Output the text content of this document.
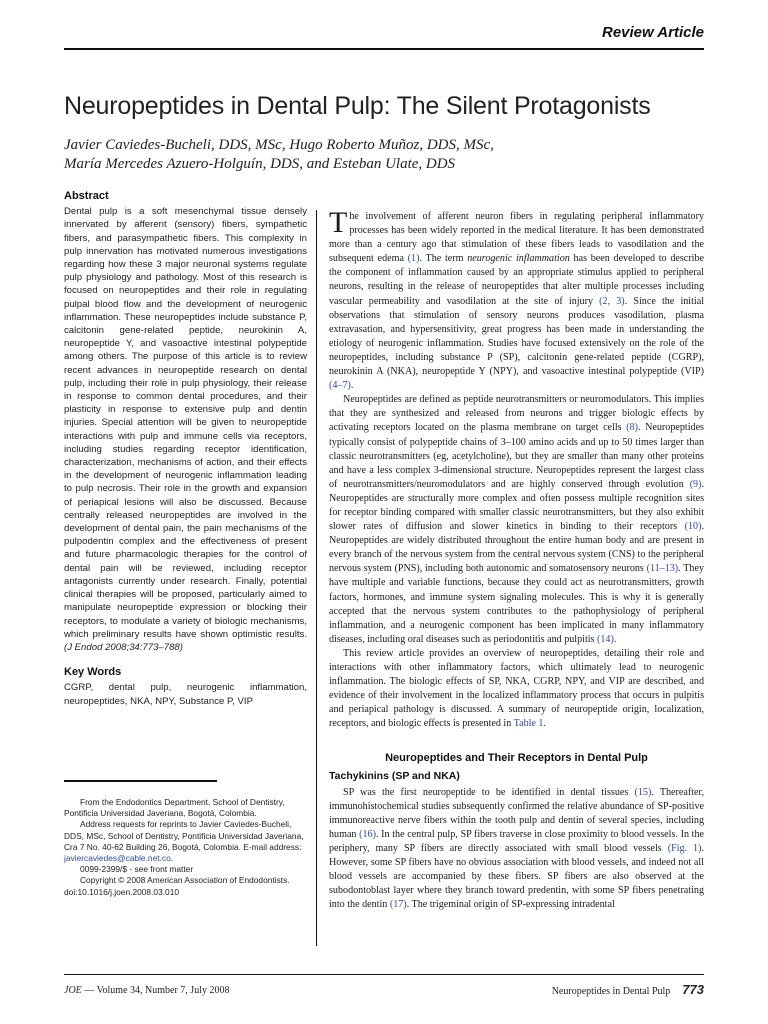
Review Article
Neuropeptides in Dental Pulp: The Silent Protagonists
Javier Caviedes-Bucheli, DDS, MSc, Hugo Roberto Muñoz, DDS, MSc,
María Mercedes Azuero-Holguín, DDS, and Esteban Ulate, DDS
Abstract

Dental pulp is a soft mesenchymal tissue densely innervated by afferent (sensory) fibers, sympathetic fibers, and parasympathetic fibers. This complexity in pulp innervation has motivated numerous investigations regarding how these 3 major neuronal systems regulate pulp physiology and pathology. Most of this research is focused on neuropeptides and their role in regulating pulpal blood flow and the development of neurogenic inflammation. These neuropeptides include substance P, calcitonin gene-related peptide, neurokinin A, neuropeptide Y, and vasoactive intestinal polypeptide among others. The purpose of this article is to review recent advances in neuropeptide research on dental pulp, including their role in pulp physiology, their release in response to common dental procedures, and their plasticity in response to extensive pulp and dentin injuries. Special attention will be given to neuropeptide interactions with pulp and immune cells via receptors, including studies regarding receptor identification, characterization, mechanisms of action, and their effects in the development of neurogenic inflammation leading to pulp necrosis. Their role in the growth and expansion of periapical lesions will also be discussed. Because centrally released neuropeptides are involved in the development of dental pain, the pain mechanisms of the pulpodentin complex and the effectiveness of present and future pharmacologic therapies for the control of dental pain will be reviewed, including receptor antagonists currently under research. Finally, potential clinical therapies will be proposed, particularly aimed to manipulate neuropeptide expression or blocking their receptors, to modulate a variety of biologic mechanisms, which preliminary results have shown optimistic results. (J Endod 2008;34:773–788)

Key Words

CGRP, dental pulp, neurogenic inflammation, neuropeptides, NKA, NPY, Substance P, VIP

From the Endodontics Department, School of Dentistry, Pontificia Universidad Javeriana, Bogotá, Colombia.

Address requests for reprints to Javier Caviedes-Bucheli, DDS, MSc, School of Dentistry, Pontificia Universidad Javeriana, Cra 7 No. 40-62 Building 26, Bogotá, Colombia. E-mail address: javiercaviedes@cable.net.co.

0099-2399/$ - see front matter

Copyright © 2008 American Association of Endodontists.

doi:10.1016/j.joen.2008.03.010

The involvement of afferent neuron fibers in regulating peripheral inflammatory processes has been widely reported in the medical literature. It has been demonstrated more than a century ago that stimulation of these fibers leads to vasodilation and the subsequent edema (1). The term neurogenic inflammation has been developed to describe the component of inflammation caused by an appropriate stimulus applied to peripheral neurons, resulting in the release of neuropeptides that alter multiple processes including vascular permeability and vasodilation at the site of injury (2, 3). Since the initial observations that stimulation of sensory neurons produces vasodilation, plasma extravasation, and hypersensitivity, great progress has been made in understanding the etiology of neurogenic inflammation. Studies have focused extensively on the role of the neuropeptides, including substance P (SP), calcitonin gene-related peptide (CGRP), neurokinin A (NKA), neuropeptide Y (NPY), and vasoactive intestinal polypeptide (VIP) (4–7).

Neuropeptides are defined as peptide neurotransmitters or neuromodulators. This implies that they are synthesized and released from neurons and trigger biologic effects by activating receptors located on the plasma membrane on target cells (8). Neuropeptides typically consist of polypeptide chains of 3–100 amino acids and up to 50 times larger than classic neurotransmitters (eg, acetylcholine), but they are smaller than many other proteins and have a less complex 3-dimensional structure. Neuropeptides represent the largest class of neurotransmitters/neuromodulators and are highly conserved through evolution (9). Neuropeptides are structurally more complex and often possess multiple recognition sites for receptor binding compared with smaller classic neurotransmitters, but they also exhibit slower rates of diffusion and slower kinetics in binding to their receptors (10). Neuropeptides are widely distributed throughout the entire human body and are present in every branch of the nervous system from the central nervous system (CNS) to the peripheral nervous system (PNS), including both autonomic and somatosensory neurons (11–13). They have multiple and variable functions, because they could act as neurotransmitters, growth factors, hormones, and immune system signaling molecules. This is why it is generally accepted that the nervous system contributes to the pathophysiology of peripheral inflammation, and a neurogenic component has been implicated in many inflammatory diseases, including oral diseases such as periodontitis and pulpitis (14).

This review article provides an overview of neuropeptides, detailing their role and interactions with other inflammatory factors, which ultimately lead to neurogenic inflammation. The biologic effects of SP, NKA, CGRP, NPY, and VIP are described, and evidence of their involvement in the localized inflammatory process that occurs in pulpitis and periapical pathology is discussed. A summary of neuropeptide origin, localization, receptors, and biologic effects is presented in Table 1.

Neuropeptides and Their Receptors in Dental Pulp
Tachykinins (SP and NKA)

SP was the first neuropeptide to be identified in dental tissues (15). Thereafter, immunohistochemical studies subsequently confirmed the relative abundance of SP-positive immunoreactive nerve fibers within the tooth pulp and dentin of several species, including human (16). In the central pulp, SP fibers traverse in close proximity to blood vessels. In the periphery, many SP fibers are directly associated with small blood vessels (Fig. 1). However, some SP fibers have no obvious association with blood vessels, and indeed not all blood vessels are accompanied by these fibers. SP fibers are also observed at the subodontoblast layer where they branch toward predentin, with some SP fibers penetrating into the dentin (17). The trigeminal origin of SP-expressing intradental

JOE — Volume 34, Number 7, July 2008	Neuropeptides in Dental Pulp 773
